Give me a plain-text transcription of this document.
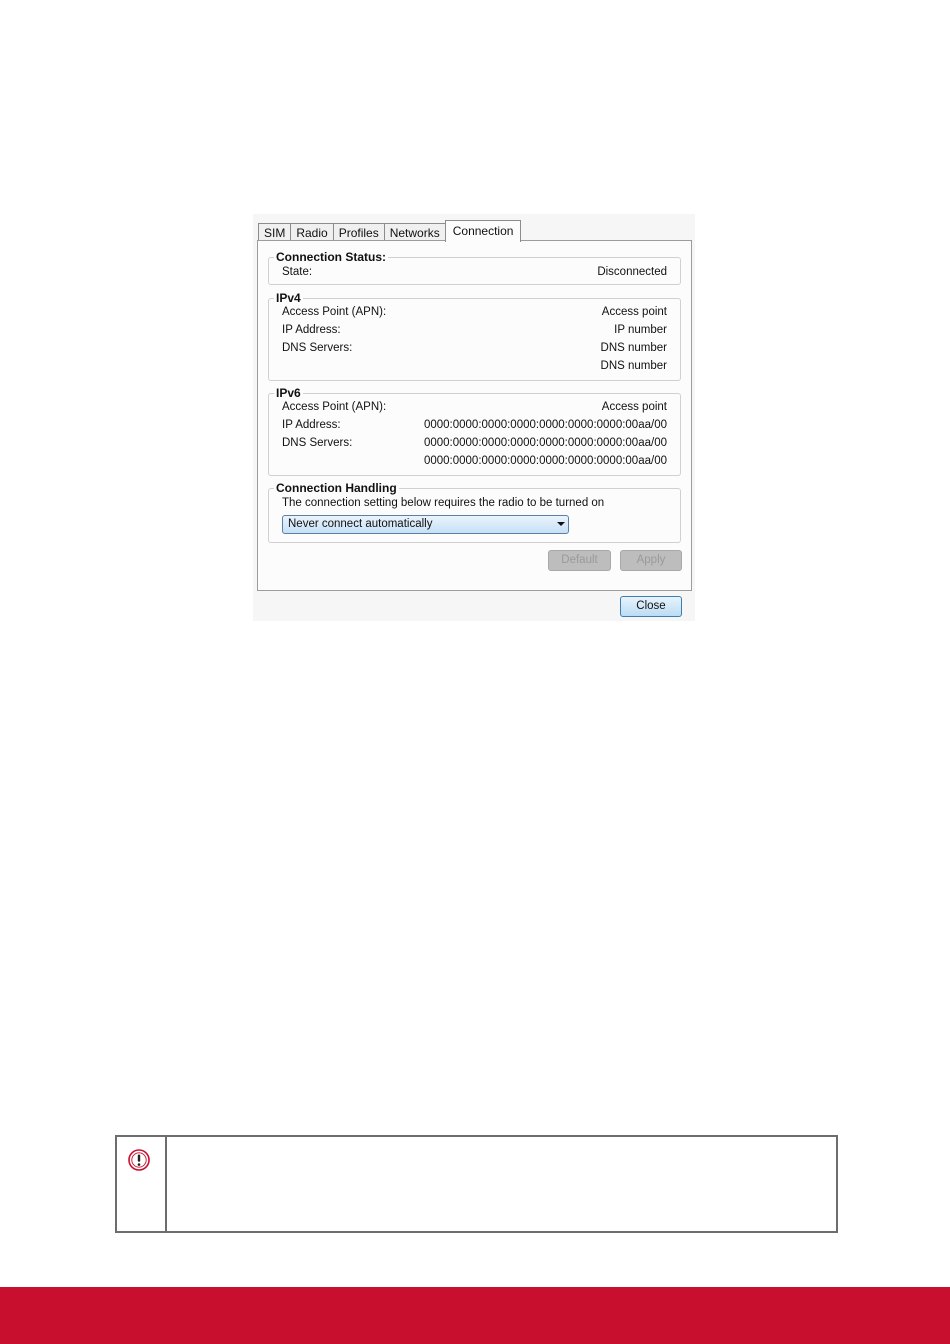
SIM Radio Profiles Networks	Connection
Connection Status:
State:	Disconnected
IPv4
Access Point (APN):	Access point
IP Address:	IP number
DNS Servers:	DNS number
DNS number
IPv6
Access Point (APN):	Access point
IP Address:	0000:0000:0000:0000:0000:0000:0000:00aa/00
DNS Servers:	0000:0000:0000:0000:0000:0000:0000:00aa/00
0000:0000:0000:0000:0000:0000:0000:00aa/00
Connection Handling
The connection setting below requires the radio to be turned on
Never connect automatically
Default	Apply
Close
